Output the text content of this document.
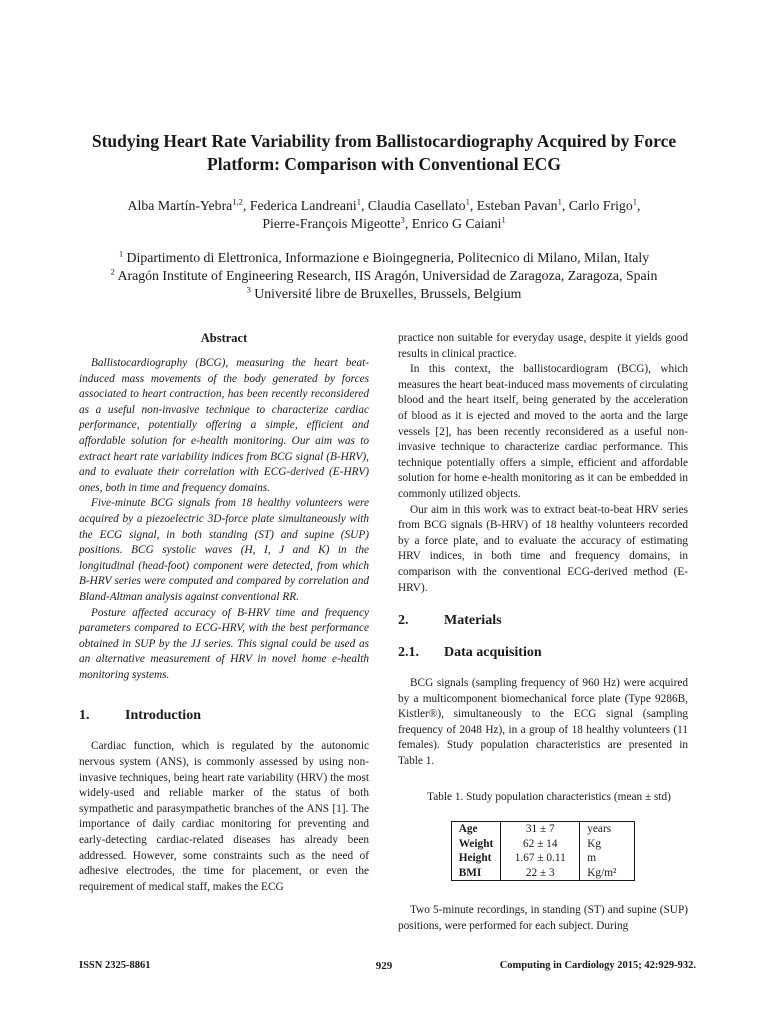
Studying Heart Rate Variability from Ballistocardiography Acquired by Force Platform: Comparison with Conventional ECG
Alba Martín-Yebra$^{1,2}$, Federica Landreani$^1$, Claudia Casellato$^1$, Esteban Pavan$^1$, Carlo Frigo$^1$,
Pierre-François Migeotte$^3$, Enrico G Caiani$^1$
$^1$ Dipartimento di Elettronica, Informazione e Bioingegneria, Politecnico di Milano, Milan, Italy
$^2$ Aragón Institute of Engineering Research, IIS Aragón, Universidad de Zaragoza, Zaragoza, Spain
$^3$ Université libre de Bruxelles, Brussels, Belgium
Abstract

Ballistocardiography (BCG), measuring the heart beat-induced mass movements of the body generated by forces associated to heart contraction, has been recently reconsidered as a useful non-invasive technique to characterize cardiac performance, potentially offering a simple, efficient and affordable solution for e-health monitoring. Our aim was to extract heart rate variability indices from BCG signal (B-HRV), and to evaluate their correlation with ECG-derived (E-HRV) ones, both in time and frequency domains.

Five-minute BCG signals from 18 healthy volunteers were acquired by a piezoelectric 3D-force plate simultaneously with the ECG signal, in both standing (ST) and supine (SUP) positions. BCG systolic waves (H, I, J and K) in the longitudinal (head-foot) component were detected, from which B-HRV series were computed and compared by correlation and Bland-Altman analysis against conventional RR.

Posture affected accuracy of B-HRV time and frequency parameters compared to ECG-HRV, with the best performance obtained in SUP by the JJ series. This signal could be used as an alternative measurement of HRV in novel home e-health monitoring systems.

1.	Introduction

Cardiac function, which is regulated by the autonomic nervous system (ANS), is commonly assessed by using non-invasive techniques, being heart rate variability (HRV) the most widely-used and reliable marker of the status of both sympathetic and parasympathetic branches of the ANS [1]. The importance of daily cardiac monitoring for preventing and early-detecting cardiac-related diseases has already been addressed. However, some constraints such as the need of adhesive electrodes, the time for placement, or even the requirement of medical staff, makes the ECG

practice non suitable for everyday usage, despite it yields good results in clinical practice.

In this context, the ballistocardiogram (BCG), which measures the heart beat-induced mass movements of circulating blood and the heart itself, being generated by the acceleration of blood as it is ejected and moved to the aorta and the large vessels [2], has been recently reconsidered as a useful non-invasive technique to characterize cardiac performance. This technique potentially offers a simple, efficient and affordable solution for home e-health monitoring as it can be embedded in commonly utilized objects.

Our aim in this work was to extract beat-to-beat HRV series from BCG signals (B-HRV) of 18 healthy volunteers recorded by a force plate, and to evaluate the accuracy of estimating HRV indices, in both time and frequency domains, in comparison with the conventional ECG-derived method (E-HRV).

2.	Materials
2.1.	Data acquisition

BCG signals (sampling frequency of 960 Hz) were acquired by a multicomponent biomechanical force plate (Type 9286B, Kistler®), simultaneously to the ECG signal (sampling frequency of 2048 Hz), in a group of 18 healthy volunteers (11 females). Study population characteristics are presented in Table 1.

Table 1. Study population characteristics (mean ± std)

Age	31 ± 7	years
Weight	62 ± 14	Kg
Height	1.67 ± 0.11	m
BMI	22 ± 3	Kg/m²

Two 5-minute recordings, in standing (ST) and supine (SUP) positions, were performed for each subject. During

ISSN 2325-8861	929	Computing in Cardiology 2015; 42:929-932.
